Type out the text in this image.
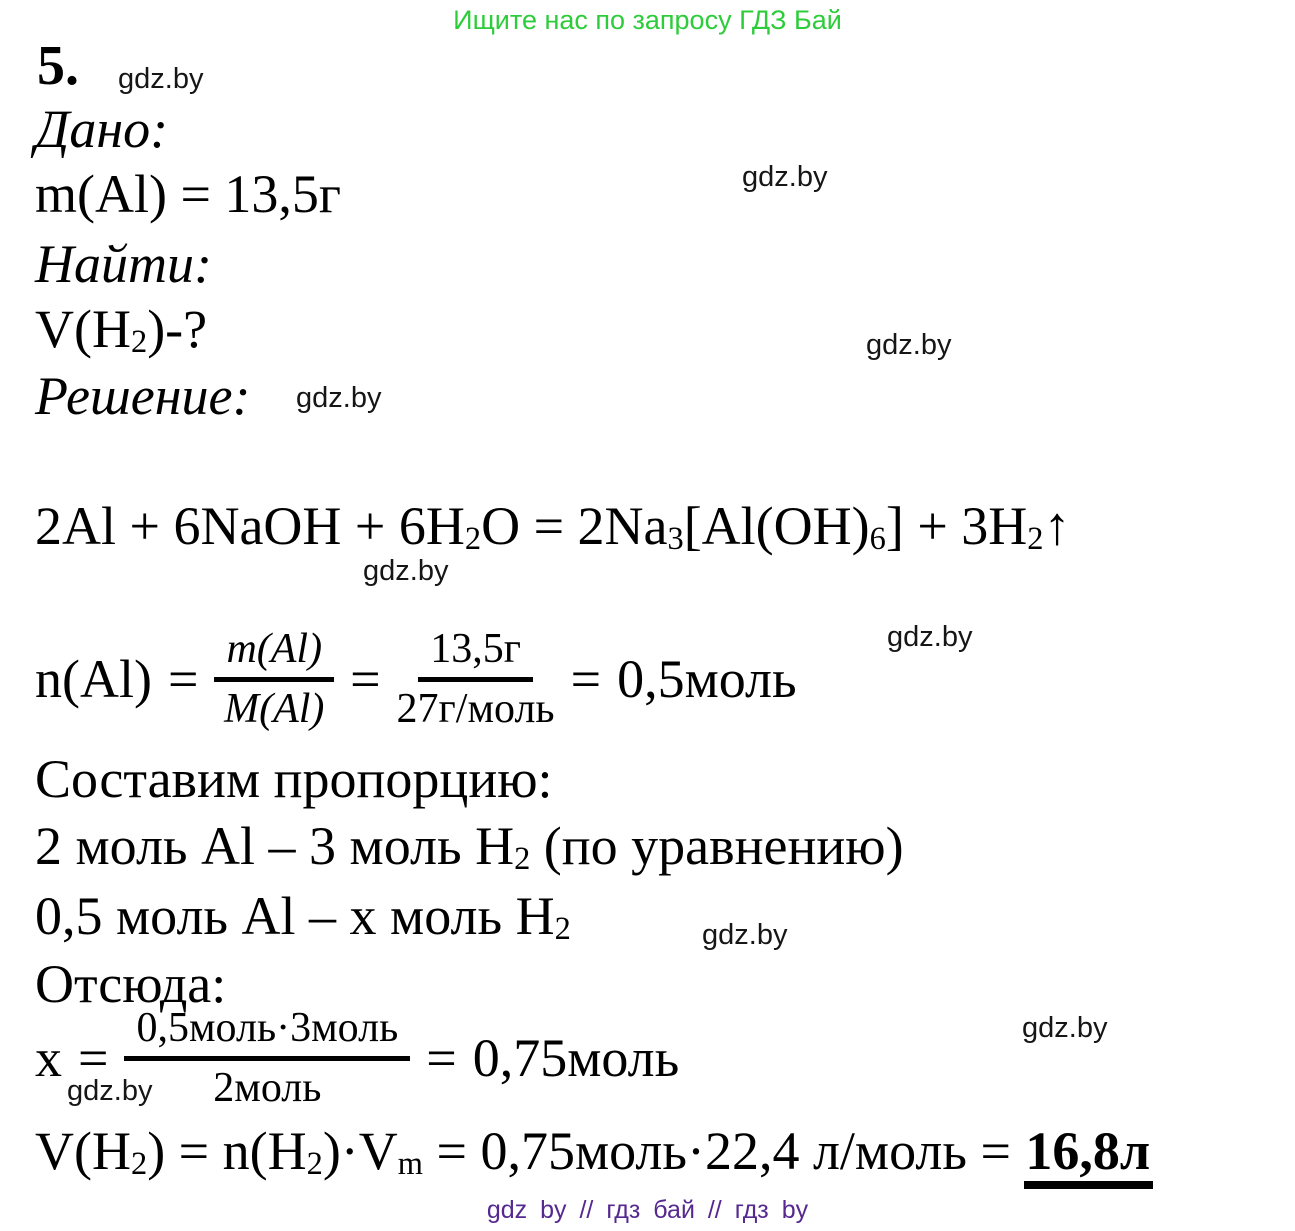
Ищите нас по запросу ГДЗ Бай
5. gdz.by
gdz.by
gdz.by
gdz.by
gdz.by
gdz.by
gdz.by
gdz.by
gdz.by
Дано:
m(Al) = 13,5г
Найти:
$V(H_2)-$?
Решение:
2Al + 6NaOH + $6H_2O = 2Na_3[Al(OH)_6]$ + $3H_2↑$
$n(Al) = \frac{m(Al)}{M(Al)} = \frac{13,5г}{\text{27г/моль}}$ = 0,5моль
Составим пропорцию:
2 моль Al – 3 моль $H_2$ (по уравнению)
0,5 моль Al – x моль $H_2$
Отсюда:
$x = \frac{\text{0,5моль·3моль}}{\text{2моль}}$ = 0,75моль
$V(H_2) = n(H_2)\cdot V_m$ = 0,75моль·22,4 л/моль = 16,8л
gdz by // гдз бай // гдз by
